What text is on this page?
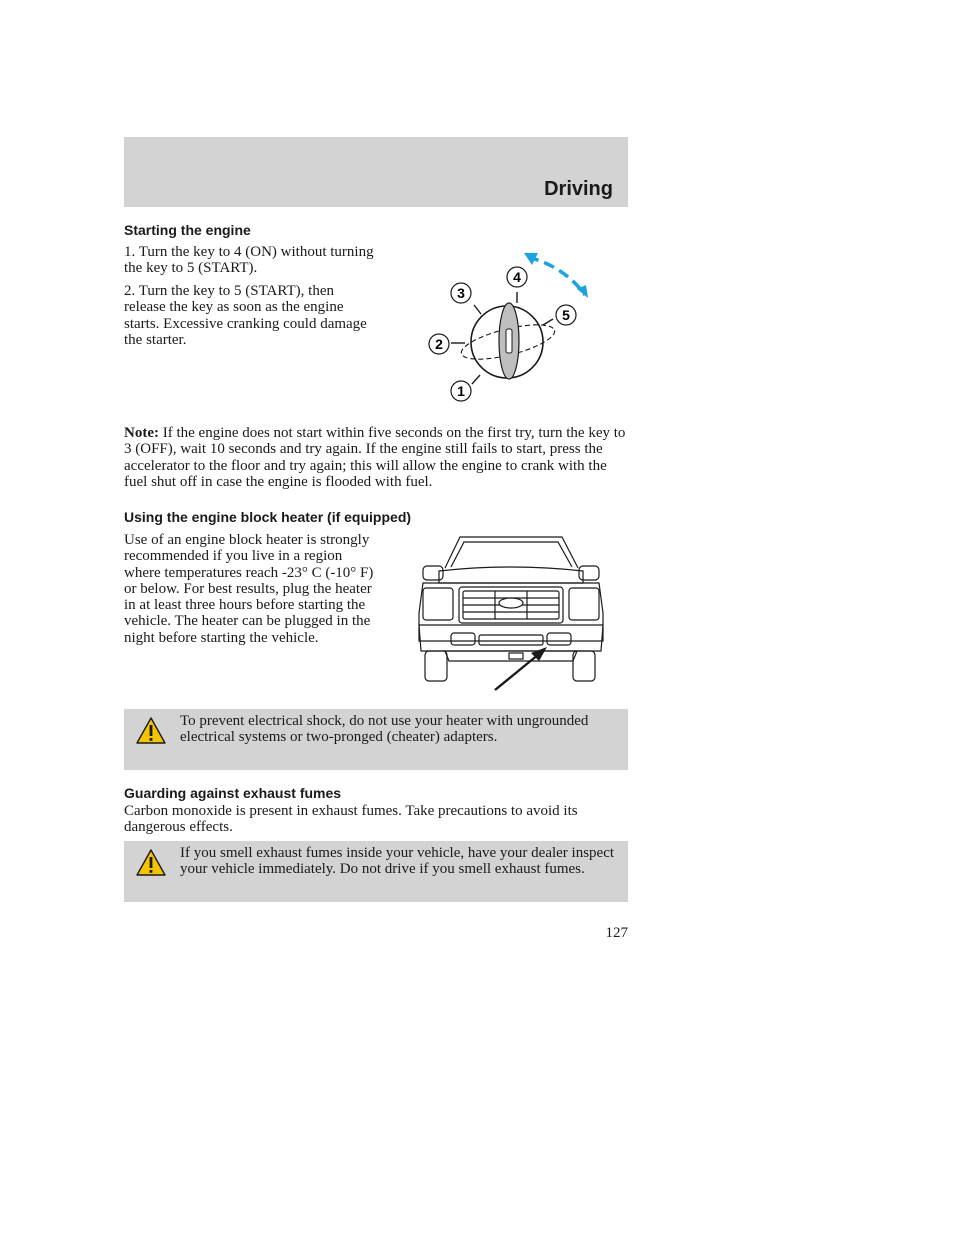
Driving
Starting the engine

1. Turn the key to 4 (ON) without turning the key to 5 (START).

2. Turn the key to 5 (START), then release the key as soon as the engine starts. Excessive cranking could damage the starter.

1
2
3
4
5

Note: If the engine does not start within five seconds on the first try, turn the key to 3 (OFF), wait 10 seconds and try again. If the engine still fails to start, press the accelerator to the floor and try again; this will allow the engine to crank with the fuel shut off in case the engine is flooded with fuel.

Using the engine block heater (if equipped)

Use of an engine block heater is strongly recommended if you live in a region where temperatures reach -23° C (-10° F) or below. For best results, plug the heater in at least three hours before starting the vehicle. The heater can be plugged in the night before starting the vehicle.

To prevent electrical shock, do not use your heater with ungrounded electrical systems or two-pronged (cheater) adapters.
Guarding against exhaust fumes

Carbon monoxide is present in exhaust fumes. Take precautions to avoid its dangerous effects.

If you smell exhaust fumes inside your vehicle, have your dealer inspect your vehicle immediately. Do not drive if you smell exhaust fumes.

127
